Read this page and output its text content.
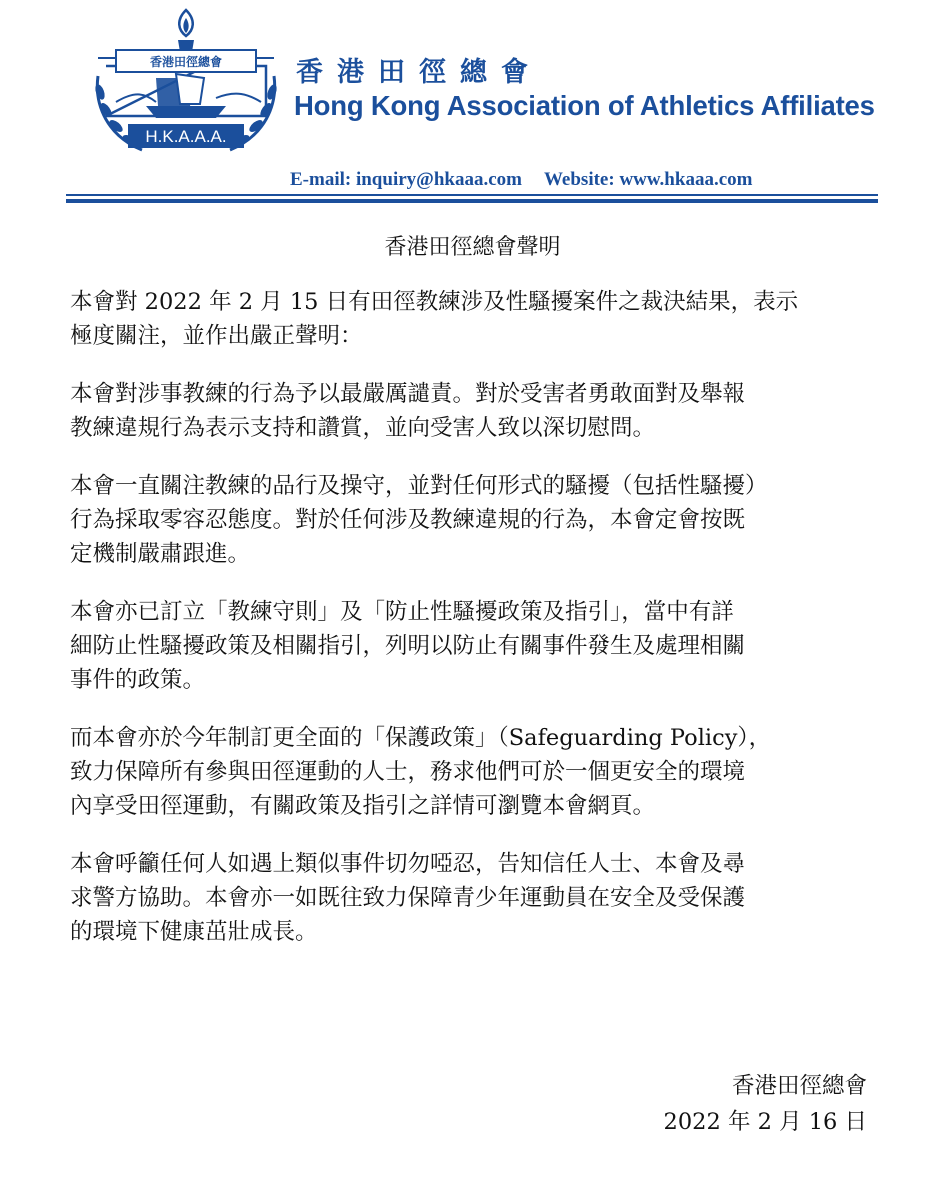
香港田徑總會
H.K.A.A.A.
香港田徑總會
Hong Kong Association of Athletics Affiliates
E-mail: inquiry@hkaaa.com Website: www.hkaaa.com
香港田徑總會聲明

本會對 2022 年 2 月 15 日有田徑教練涉及性騷擾案件之裁決結果，表示
極度關注，並作出嚴正聲明：

本會對涉事教練的行為予以最嚴厲譴責。對於受害者勇敢面對及舉報
教練違規行為表示支持和讚賞，並向受害人致以深切慰問。

本會一直關注教練的品行及操守，並對任何形式的騷擾（包括性騷擾）
行為採取零容忍態度。對於任何涉及教練違規的行為，本會定會按既
定機制嚴肅跟進。

本會亦已訂立「教練守則」及「防止性騷擾政策及指引」，當中有詳
細防止性騷擾政策及相關指引，列明以防止有關事件發生及處理相關
事件的政策。

而本會亦於今年制訂更全面的「保護政策」（Safeguarding Policy），
致力保障所有參與田徑運動的人士，務求他們可於一個更安全的環境
內享受田徑運動，有關政策及指引之詳情可瀏覽本會網頁。

本會呼籲任何人如遇上類似事件切勿啞忍，告知信任人士、本會及尋
求警方協助。本會亦一如既往致力保障青少年運動員在安全及受保護
的環境下健康茁壯成長。

香港田徑總會
2022 年 2 月 16 日
